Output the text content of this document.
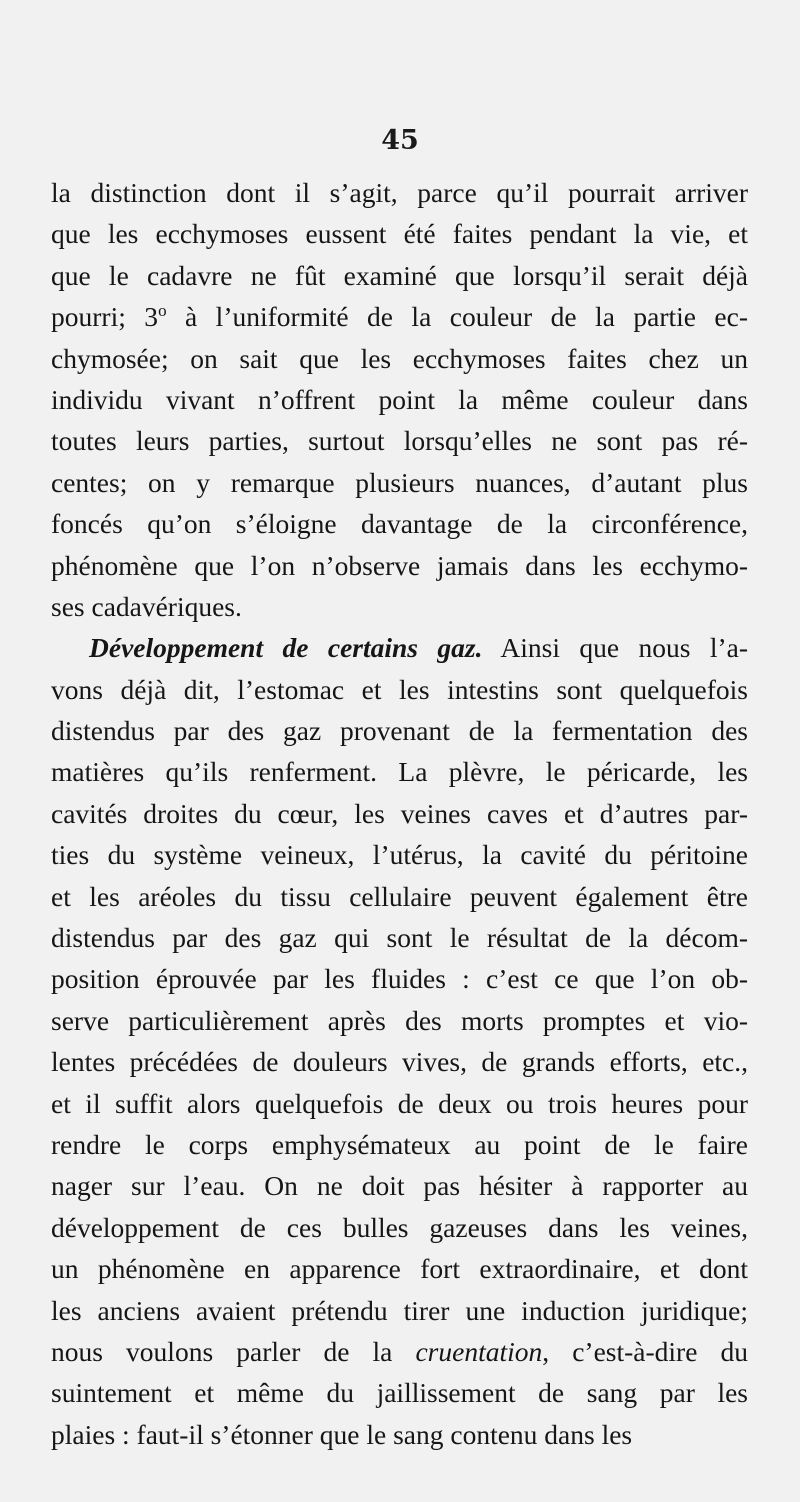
45
la distinction dont il s’agit, parce qu’il pourrait arriver
que les ecchymoses eussent été faites pendant la vie, et
que le cadavre ne fût examiné que lorsqu’il serait déjà
pourri; 3$^o$ à l’uniformité de la couleur de la partie ec-
chymosée; on sait que les ecchymoses faites chez un
individu vivant n’offrent point la même couleur dans
toutes leurs parties, surtout lorsqu’elles ne sont pas ré-
centes; on y remarque plusieurs nuances, d’autant plus
foncés qu’on s’éloigne davantage de la circonférence,
phénomène que l’on n’observe jamais dans les ecchymo-
ses cadavériques.
Développement de certains gaz. Ainsi que nous l’a-
vons déjà dit, l’estomac et les intestins sont quelquefois
distendus par des gaz provenant de la fermentation des
matières qu’ils renferment. La plèvre, le péricarde, les
cavités droites du cœur, les veines caves et d’autres par-
ties du système veineux, l’utérus, la cavité du péritoine
et les aréoles du tissu cellulaire peuvent également être
distendus par des gaz qui sont le résultat de la décom-
position éprouvée par les fluides : c’est ce que l’on ob-
serve particulièrement après des morts promptes et vio-
lentes précédées de douleurs vives, de grands efforts, etc.,
et il suffit alors quelquefois de deux ou trois heures pour
rendre le corps emphysémateux au point de le faire
nager sur l’eau. On ne doit pas hésiter à rapporter au
développement de ces bulles gazeuses dans les veines,
un phénomène en apparence fort extraordinaire, et dont
les anciens avaient prétendu tirer une induction juridique;
nous voulons parler de la cruentation, c’est-à-dire du
suintement et même du jaillissement de sang par les
plaies : faut-il s’étonner que le sang contenu dans les
